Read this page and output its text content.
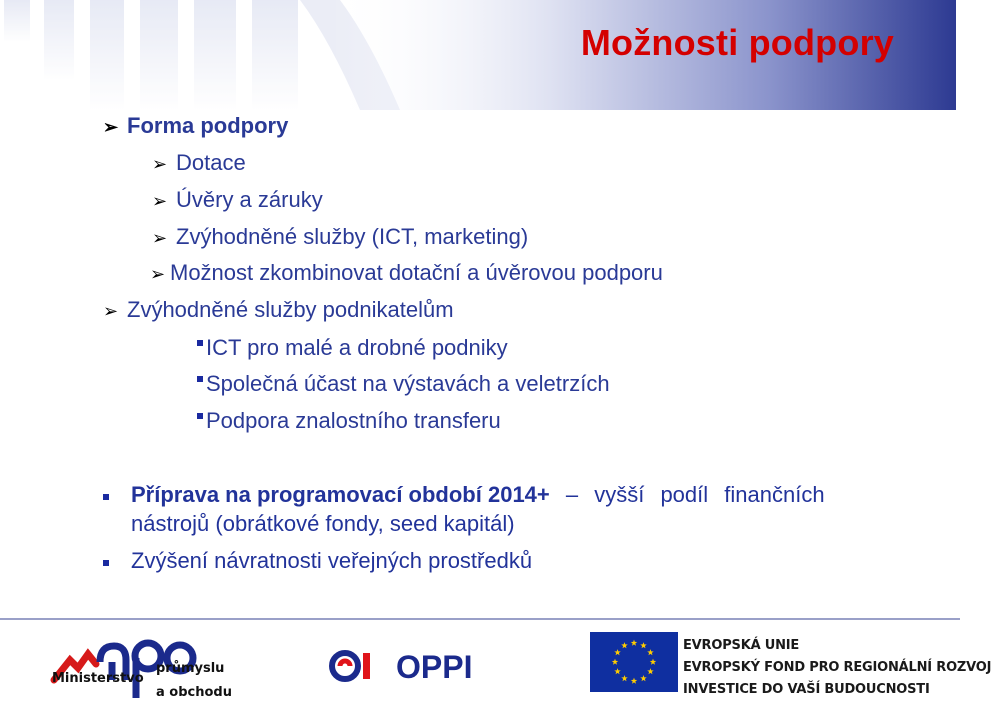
Možnosti podpory
➢ Forma podpory
➢ Dotace
➢ Úvěry a záruky
➢ Zvýhodněné služby (ICT, marketing)
➢ Možnost zkombinovat dotační a úvěrovou podporu
➢ Zvýhodněné služby podnikatelům
ICT pro malé a drobné podniky
Společná účast na výstavách a veletrzích
Podpora znalostního transferu
Příprava na programovací období 2014+ – vyšší podíl finančních
nástrojů (obrátkové fondy, seed kapitál)
Zvýšení návratnosti veřejných prostředků
Ministerstvo
průmyslu
a obchodu
OPPI
EVROPSKÁ UNIE
EVROPSKÝ FOND PRO REGIONÁLNÍ ROZVOJ
INVESTICE DO VAŠÍ BUDOUCNOSTI
